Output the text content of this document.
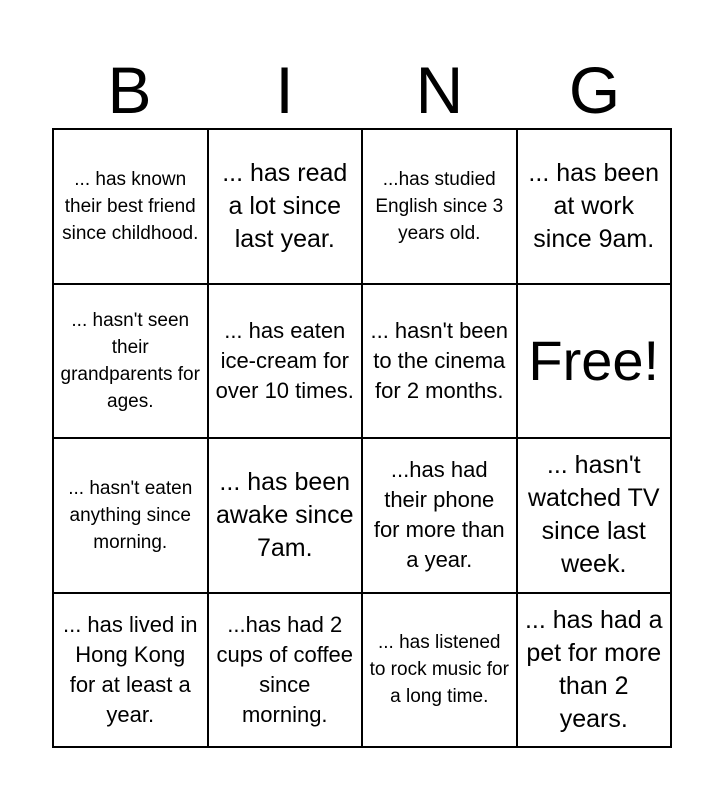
B	I	N	G
... has known their best friend since childhood.
... has read a lot since last year.
...has studied English since 3 years old.
... has been at work since 9am.
... hasn't seen their grandparents for ages.
... has eaten ice-cream for over 10 times.
... hasn't been to the cinema for 2 months. Free!
... hasn't eaten anything since morning.
... has been awake since 7am.
...has had their phone for more than a year.
... hasn't watched TV since last week.
... has lived in Hong Kong for at least a year.
...has had 2 cups of coffee since morning.
... has listened to rock music for a long time.
... has had a pet for more than 2 years.
